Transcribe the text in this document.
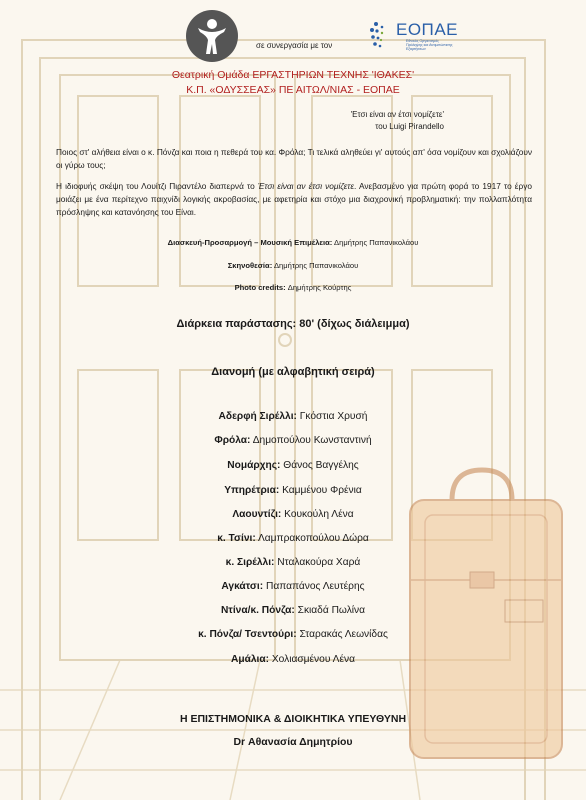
σε συνεργασία με τον
ΕΟΠΑΕ
Εθνικός Οργανισμός Πρόληψης και Αντιμετώπισης Εξαρτήσεων
Θεατρική Ομάδα ΕΡΓΑΣΤΗΡΙΩΝ ΤΕΧΝΗΣ 'ΙΘΑΚΕΣ'
Κ.Π. «ΟΔΥΣΣΕΑΣ» ΠΕ ΑΙΤΩΛ/ΝΙΑΣ - ΕΟΠΑΕ
'Ετσι είναι αν έτσι νομίζετε'
του Luigi Pirandello
Ποιος στ' αλήθεια είναι ο κ. Πόνζα και ποια η πεθερά του κα. Φρόλα; Τι τελικά αληθεύει γι' αυτούς απ' όσα νομίζουν και σχολιάζουν οι γύρω τους;
Η ιδιοφυής σκέψη του Λουίτζι Πιραντέλο διαπερνά το Έτσι είναι αν έτσι νομίζετε. Ανεβασμένο για πρώτη φορά το 1917 το έργο μοιάζει με ένα περίτεχνο παιχνίδι λογικής ακροβασίας, με αφετηρία και στόχο μια διαχρονική προβληματική: την πολλαπλότητα πρόσληψης και κατανόησης του Είναι.
Διασκευή-Προσαρμογή – Μουσική Επιμέλεια: Δημήτρης Παπανικολάου
Σκηνοθεσία: Δημήτρης Παπανικολάου
Photo credits: Δημήτρης Κούρτης
Διάρκεια παράστασης: 80' (δίχως διάλειμμα)
Διανομή (με αλφαβητική σειρά)
Αδερφή Σιρέλλι: Γκόστια Χρυσή
Φρόλα: Δημοπούλου Κωνσταντινή
Νομάρχης: Θάνος Βαγγέλης
Υπηρέτρια: Καμμένου Φρένια
Λαουντίζι: Κουκούλη Λένα
κ. Τσίνι: Λαμπρακοπούλου Δώρα
κ. Σιρέλλι: Νταλακούρα Χαρά
Αγκάτσι: Παπαπάνος Λευτέρης
Ντίνα/κ. Πόνζα: Σκιαδά Πωλίνα
κ. Πόνζα/ Τσεντούρι: Σταρακάς Λεωνίδας
Αμάλια: Χολιασμένου Λένα
Η ΕΠΙΣΤΗΜΟΝΙΚΑ & ΔΙΟΙΚΗΤΙΚΑ ΥΠΕΥΘΥΝΗ
Dr Αθανασία Δημητρίου
